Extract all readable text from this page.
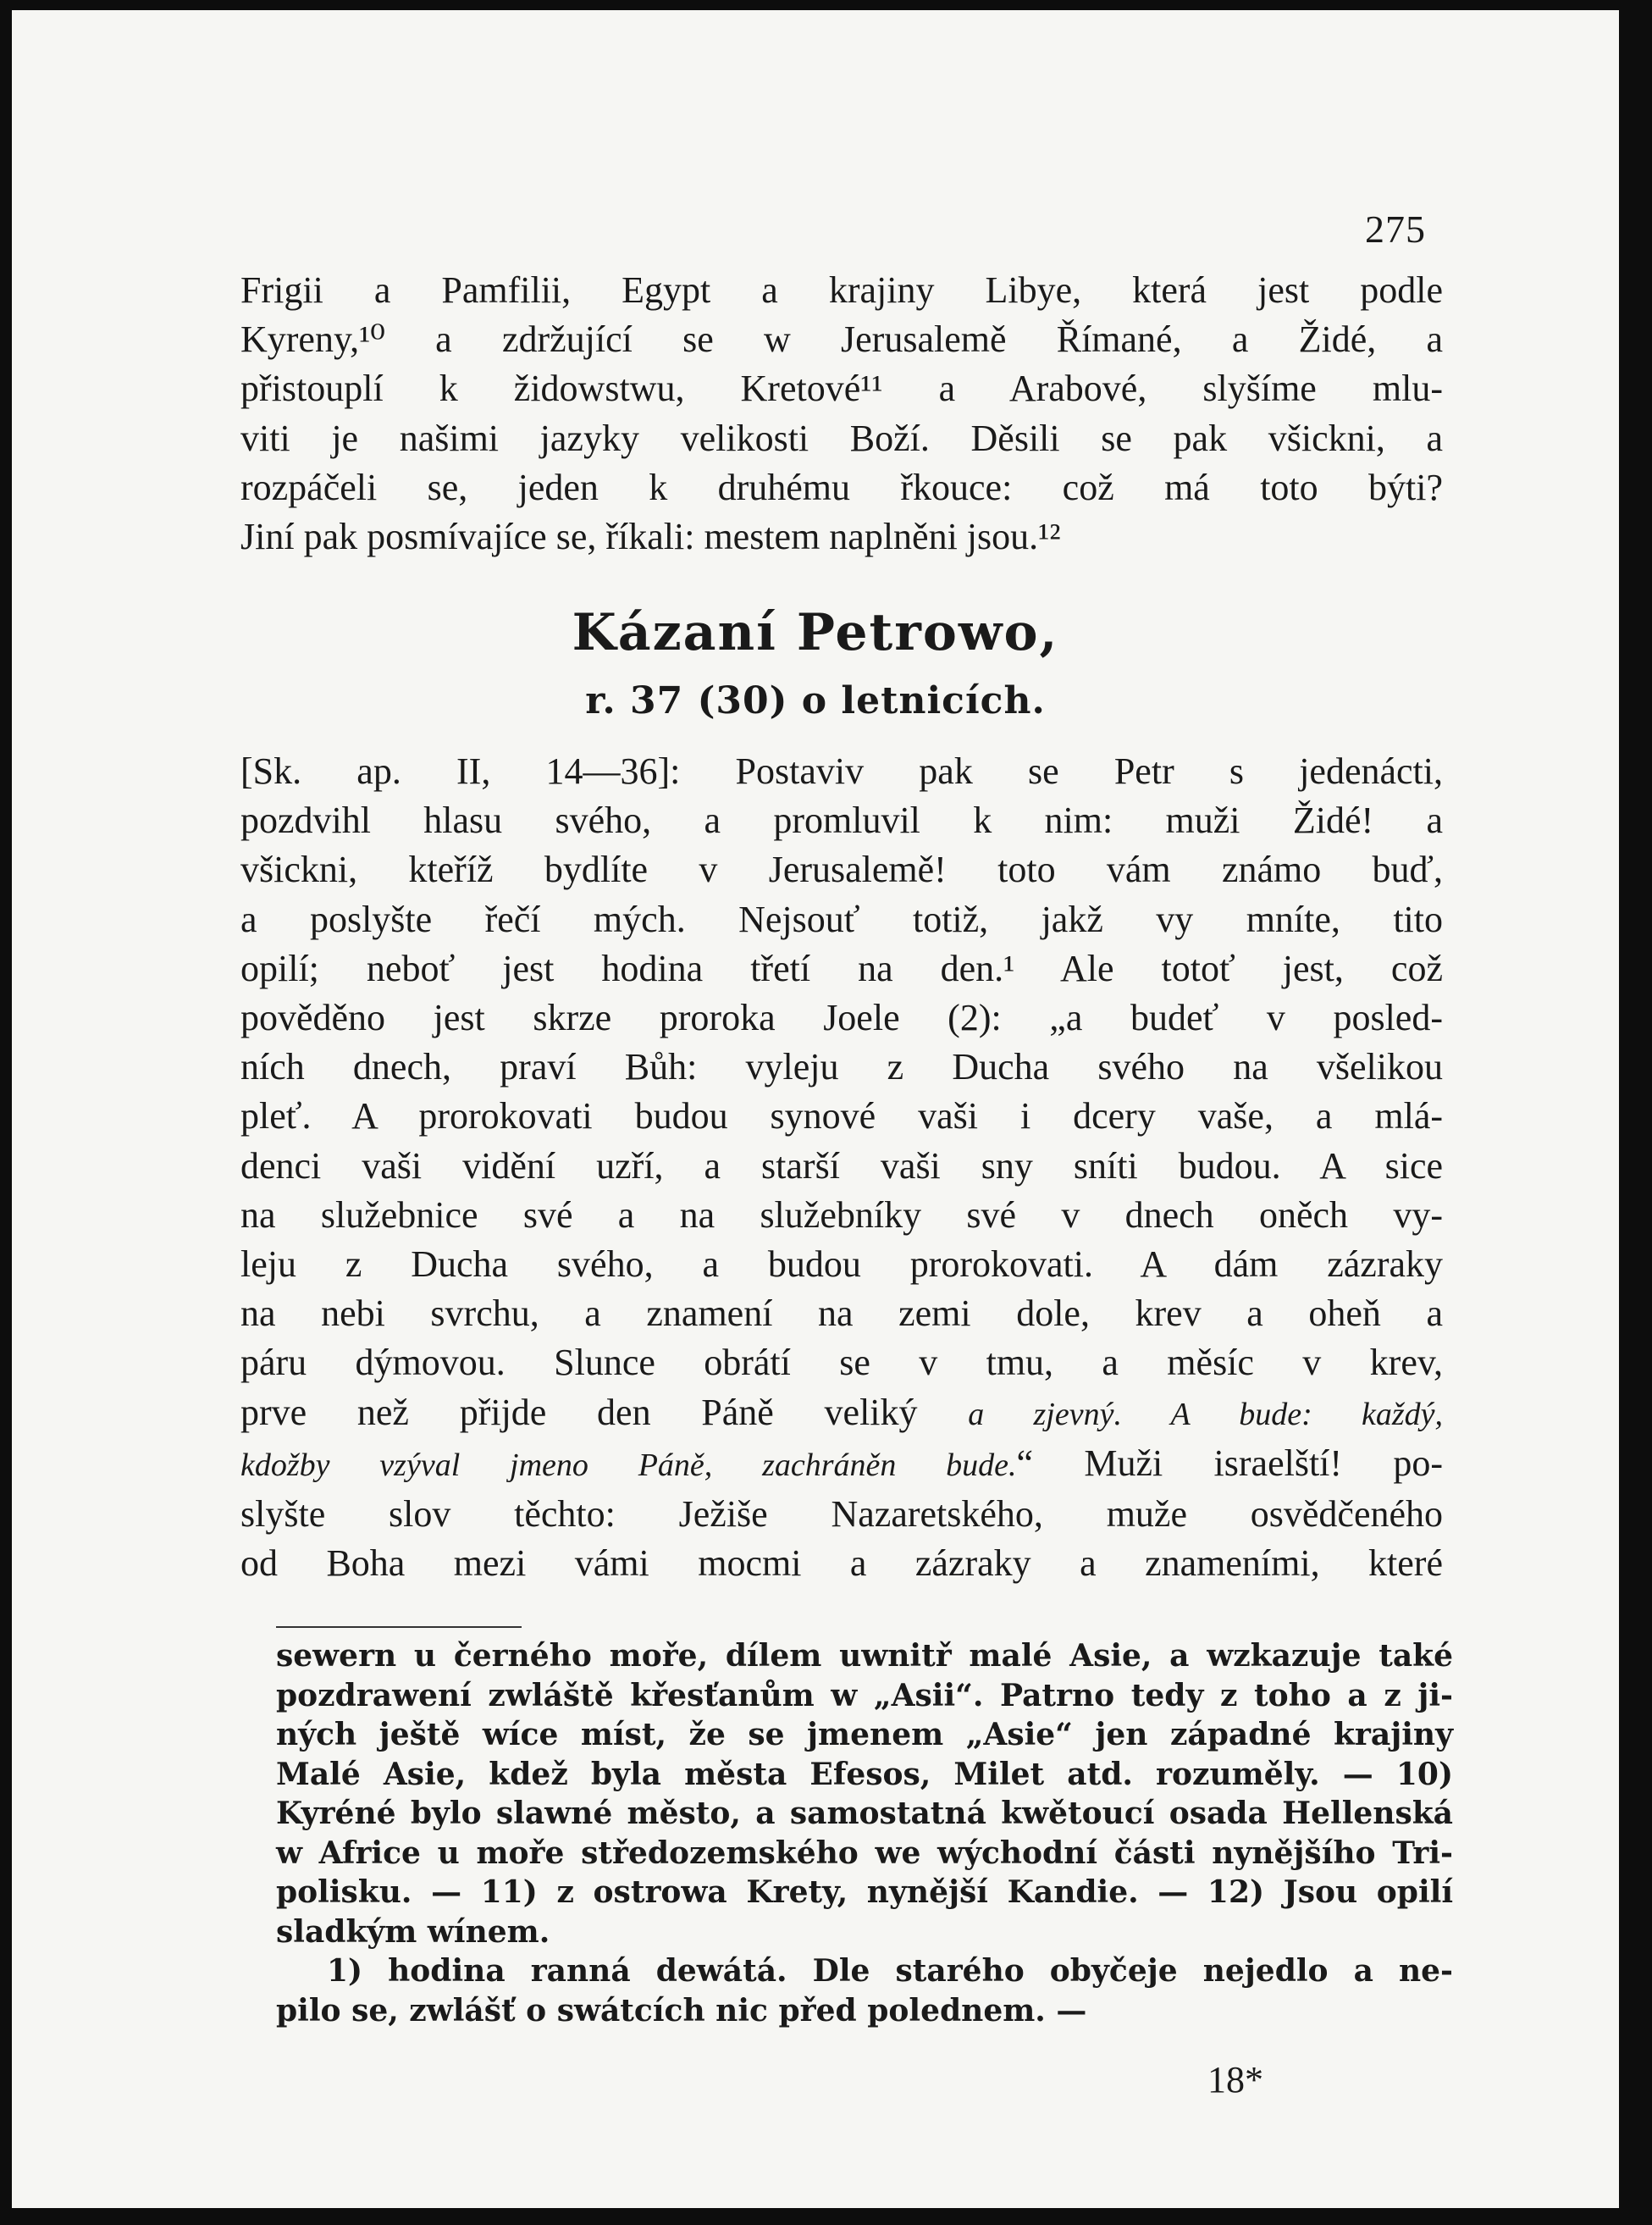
275
Frigii a Pamfilii, Egypt a krajiny Libye, která jest podle
Kyreny,¹⁰ a zdržující se w Jerusalemě Římané, a Židé, a
přistouplí k židowstwu, Kretové¹¹ a Arabové, slyšíme mlu-
viti je našimi jazyky velikosti Boží. Děsili se pak všickni, a
rozpáčeli se, jeden k druhému řkouce: což má toto býti?
Jiní pak posmívajíce se, říkali: mestem naplněni jsou.¹²
Kázaní Petrowo,
r. 37 (30) o letnicích.
[Sk. ap. II, 14—36]: Postaviv pak se Petr s jedenácti,
pozdvihl hlasu svého, a promluvil k nim: muži Židé! a
všickni, kteříž bydlíte v Jerusalemě! toto vám známo buď,
a poslyšte řečí mých. Nejsouť totiž, jakž vy mníte, tito
opilí; neboť jest hodina třetí na den.¹ Ale totoť jest, což
pověděno jest skrze proroka Joele (2): „a budeť v posled-
ních dnech, praví Bůh: vyleju z Ducha svého na všelikou
pleť. A prorokovati budou synové vaši i dcery vaše, a mlá-
denci vaši vidění uzří, a starší vaši sny sníti budou. A sice
na služebnice své a na služebníky své v dnech oněch vy-
leju z Ducha svého, a budou prorokovati. A dám zázraky
na nebi svrchu, a znamení na zemi dole, krev a oheň a
páru dýmovou. Slunce obrátí se v tmu, a měsíc v krev,
prve než přijde den Páně veliký a zjevný. A bude: každý,
kdožby vzýval jmeno Páně, zachráněn bude.“ Muži israelští! po-
slyšte slov těchto: Ježiše Nazaretského, muže osvědčeného
od Boha mezi vámi mocmi a zázraky a znameními, které
sewern u černého moře, dílem uwnitř malé Asie, a wzkazuje také
pozdrawení zwláště křesťanům w „Asii“. Patrno tedy z toho a z ji-
ných ještě wíce míst, že se jmenem „Asie“ jen západné krajiny
Malé Asie, kdež byla města Efesos, Milet atd. rozuměly. — 10)
Kyréné bylo slawné město, a samostatná kwětoucí osada Hellenská
w Africe u moře středozemského we wýchodní části nynějšího Tri-
polisku. — 11) z ostrowa Krety, nynější Kandie. — 12) Jsou opilí
sladkým wínem.
1) hodina ranná dewátá. Dle starého obyčeje nejedlo a ne-
pilo se, zwlášť o swátcích nic před polednem. —
18*
